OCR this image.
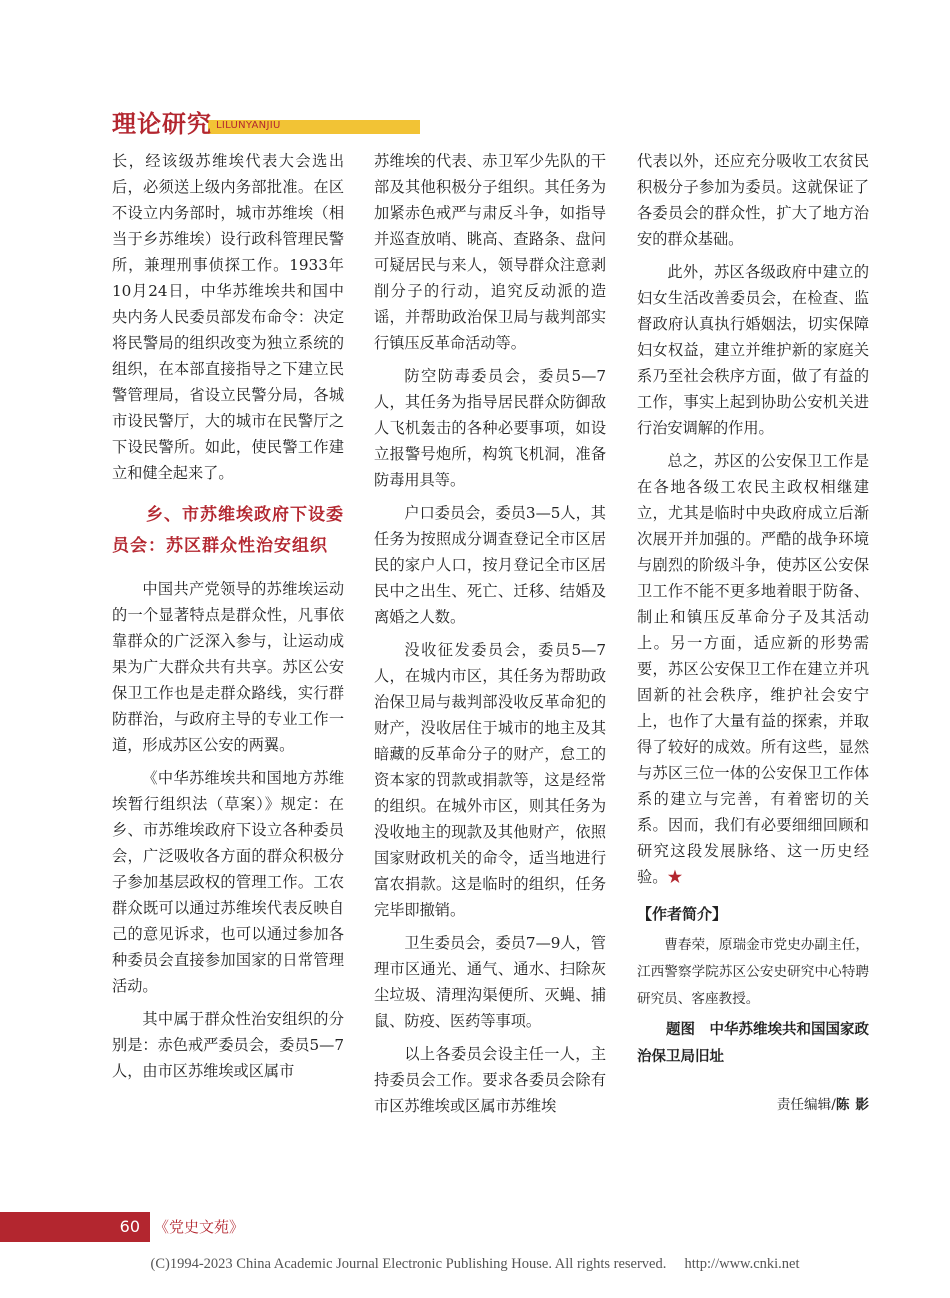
理论研究 LILUNYANJIU

长，经该级苏维埃代表大会选出后，必须送上级内务部批准。在区不设立内务部时，城市苏维埃（相当于乡苏维埃）设行政科管理民警所，兼理刑事侦探工作。1933年10月24日，中华苏维埃共和国中央内务人民委员部发布命令：决定将民警局的组织改变为独立系统的组织，在本部直接指导之下建立民警管理局，省设立民警分局，各城市设民警厅，大的城市在民警厅之下设民警所。如此，使民警工作建立和健全起来了。

乡、市苏维埃政府下设委员会：苏区群众性治安组织

中国共产党领导的苏维埃运动的一个显著特点是群众性，凡事依靠群众的广泛深入参与，让运动成果为广大群众共有共享。苏区公安保卫工作也是走群众路线，实行群防群治，与政府主导的专业工作一道，形成苏区公安的两翼。

《中华苏维埃共和国地方苏维埃暂行组织法（草案）》规定：在乡、市苏维埃政府下设立各种委员会，广泛吸收各方面的群众积极分子参加基层政权的管理工作。工农群众既可以通过苏维埃代表反映自己的意见诉求，也可以通过参加各种委员会直接参加国家的日常管理活动。

其中属于群众性治安组织的分别是：赤色戒严委员会，委员5—7人，由市区苏维埃或区属市

苏维埃的代表、赤卫军少先队的干部及其他积极分子组织。其任务为加紧赤色戒严与肃反斗争，如指导并巡查放哨、眺高、查路条、盘问可疑居民与来人，领导群众注意剥削分子的行动，追究反动派的造谣，并帮助政治保卫局与裁判部实行镇压反革命活动等。

防空防毒委员会，委员5—7人，其任务为指导居民群众防御敌人飞机轰击的各种必要事项，如设立报警号炮所，构筑飞机洞，准备防毒用具等。

户口委员会，委员3—5人，其任务为按照成分调查登记全市区居民的家户人口，按月登记全市区居民中之出生、死亡、迁移、结婚及离婚之人数。

没收征发委员会，委员5—7人，在城内市区，其任务为帮助政治保卫局与裁判部没收反革命犯的财产，没收居住于城市的地主及其暗藏的反革命分子的财产，怠工的资本家的罚款或捐款等，这是经常的组织。在城外市区，则其任务为没收地主的现款及其他财产，依照国家财政机关的命令，适当地进行富农捐款。这是临时的组织，任务完毕即撤销。

卫生委员会，委员7—9人，管理市区通光、通气、通水、扫除灰尘垃圾、清理沟渠便所、灭蝇、捕鼠、防疫、医药等事项。

以上各委员会设主任一人，主持委员会工作。要求各委员会除有市区苏维埃或区属市苏维埃

代表以外，还应充分吸收工农贫民积极分子参加为委员。这就保证了各委员会的群众性，扩大了地方治安的群众基础。

此外，苏区各级政府中建立的妇女生活改善委员会，在检查、监督政府认真执行婚姻法，切实保障妇女权益，建立并维护新的家庭关系乃至社会秩序方面，做了有益的工作，事实上起到协助公安机关进行治安调解的作用。

总之，苏区的公安保卫工作是在各地各级工农民主政权相继建立，尤其是临时中央政府成立后渐次展开并加强的。严酷的战争环境与剧烈的阶级斗争，使苏区公安保卫工作不能不更多地着眼于防备、制止和镇压反革命分子及其活动上。另一方面，适应新的形势需要，苏区公安保卫工作在建立并巩固新的社会秩序，维护社会安宁上，也作了大量有益的探索，并取得了较好的成效。所有这些，显然与苏区三位一体的公安保卫工作体系的建立与完善，有着密切的关系。因而，我们有必要细细回顾和研究这段发展脉络、这一历史经验。★

【作者简介】

曹春荣，原瑞金市党史办副主任，江西警察学院苏区公安史研究中心特聘研究员、客座教授。

题图　中华苏维埃共和国国家政治保卫局旧址

责任编辑/陈影

60 《党史文苑》
(C)1994-2023 China Academic Journal Electronic Publishing House. All rights reserved.　 http://www.cnki.net
